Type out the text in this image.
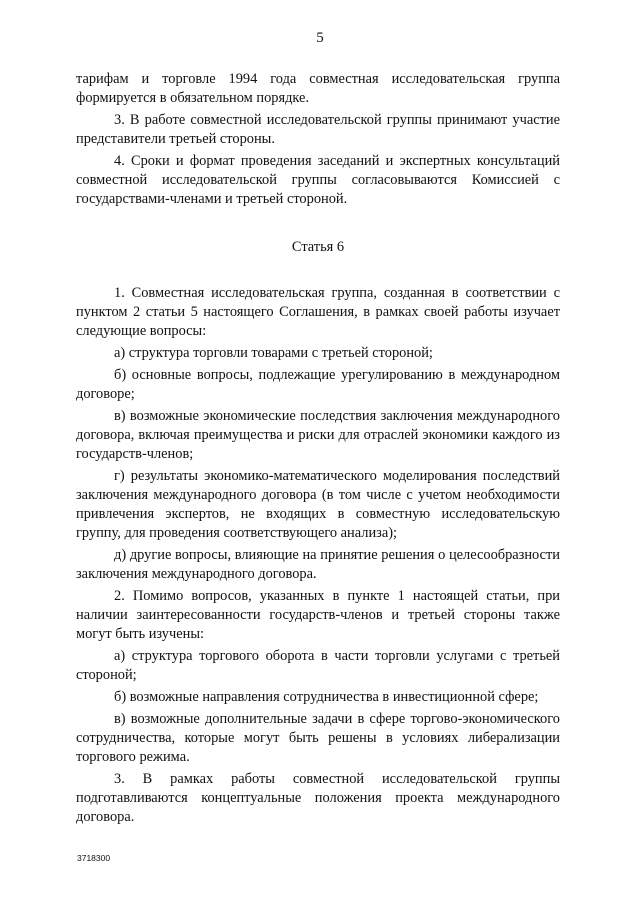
5

тарифам и торговле 1994 года совместная исследовательская группа формируется в обязательном порядке.

3. В работе совместной исследовательской группы принимают участие представители третьей стороны.

4. Сроки и формат проведения заседаний и экспертных консультаций совместной исследовательской группы согласовываются Комиссией с государствами-членами и третьей стороной.

Статья 6

1. Совместная исследовательская группа, созданная в соответствии с пунктом 2 статьи 5 настоящего Соглашения, в рамках своей работы изучает следующие вопросы:

а) структура торговли товарами с третьей стороной;

б) основные вопросы, подлежащие урегулированию в международном договоре;

в) возможные экономические последствия заключения международного договора, включая преимущества и риски для отраслей экономики каждого из государств-членов;

г) результаты экономико-математического моделирования последствий заключения международного договора (в том числе с учетом необходимости привлечения экспертов, не входящих в совместную исследовательскую группу, для проведения соответствующего анализа);

д) другие вопросы, влияющие на принятие решения о целесообразности заключения международного договора.

2. Помимо вопросов, указанных в пункте 1 настоящей статьи, при наличии заинтересованности государств-членов и третьей стороны также могут быть изучены:

а) структура торгового оборота в части торговли услугами с третьей стороной;

б) возможные направления сотрудничества в инвестиционной сфере;

в) возможные дополнительные задачи в сфере торгово-экономического сотрудничества, которые могут быть решены в условиях либерализации торгового режима.

3. В рамках работы совместной исследовательской группы подготавливаются концептуальные положения проекта международного договора.

3718300
